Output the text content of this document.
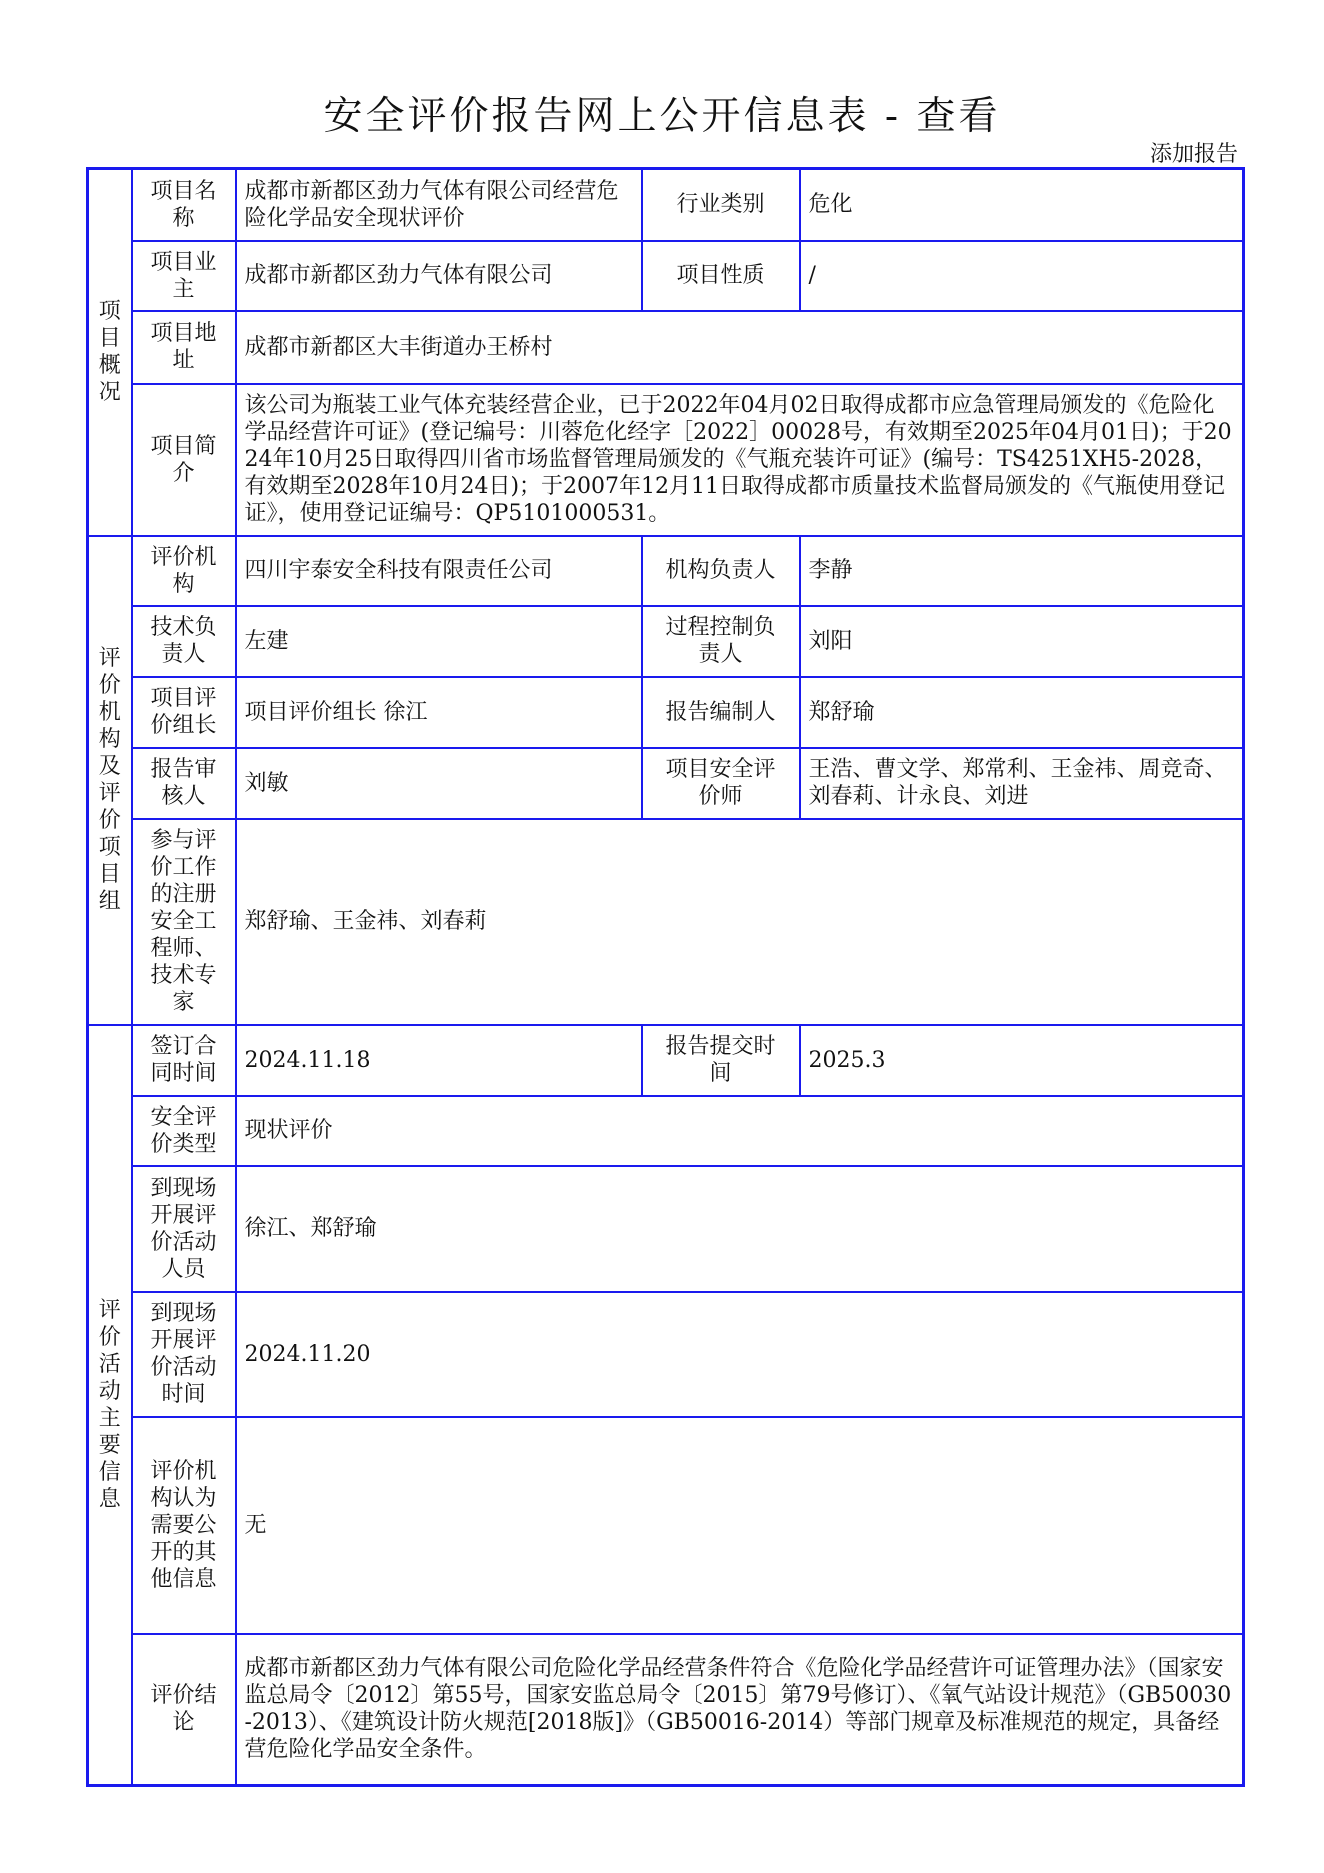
安全评价报告网上公开信息表 - 查看
添加报告
项目概况	项目名称	成都市新都区劲力气体有限公司经营危险化学品安全现状评价	行业类别	危化
	项目业主	成都市新都区劲力气体有限公司	项目性质	/
	项目地址	成都市新都区大丰街道办王桥村		
	项目简介	该公司为瓶装工业气体充装经营企业，已于2022年04月02日取得成都市应急管理局颁发的《危险化学品经营许可证》(登记编号：川蓉危化经字［2022］00028号，有效期至2025年04月01日)；于2024年10月25日取得四川省市场监督管理局颁发的《气瓶充装许可证》(编号：TS4251XH5-2028，有效期至2028年10月24日)；于2007年12月11日取得成都市质量技术监督局颁发的《气瓶使用登记证》，使用登记证编号：QP5101000531。		
评价机构及评价项目组	评价机构	四川宇泰安全科技有限责任公司	机构负责人	李静
	技术负责人	左建	过程控制负责人	刘阳
	项目评价组长	项目评价组长 徐江	报告编制人	郑舒瑜
	报告审核人	刘敏	项目安全评价师	王浩、曹文学、郑常利、王金祎、周竞奇、刘春莉、计永良、刘进
	参与评价工作的注册安全工程师、技术专家	郑舒瑜、王金祎、刘春莉		
评价活动主要信息	签订合同时间	2024.11.18	报告提交时间	2025.3
	安全评价类型	现状评价		
	到现场开展评价活动人员	徐江、郑舒瑜		
	到现场开展评价活动时间	2024.11.20		
	评价机构认为需要公开的其他信息	无		
	评价结论	成都市新都区劲力气体有限公司危险化学品经营条件符合《危险化学品经营许可证管理办法》（国家安监总局令〔2012〕第55号，国家安监总局令〔2015〕第79号修订）、《氧气站设计规范》（GB50030-2013）、《建筑设计防火规范[2018版]》（GB50016-2014）等部门规章及标准规范的规定，具备经营危险化学品安全条件。		
